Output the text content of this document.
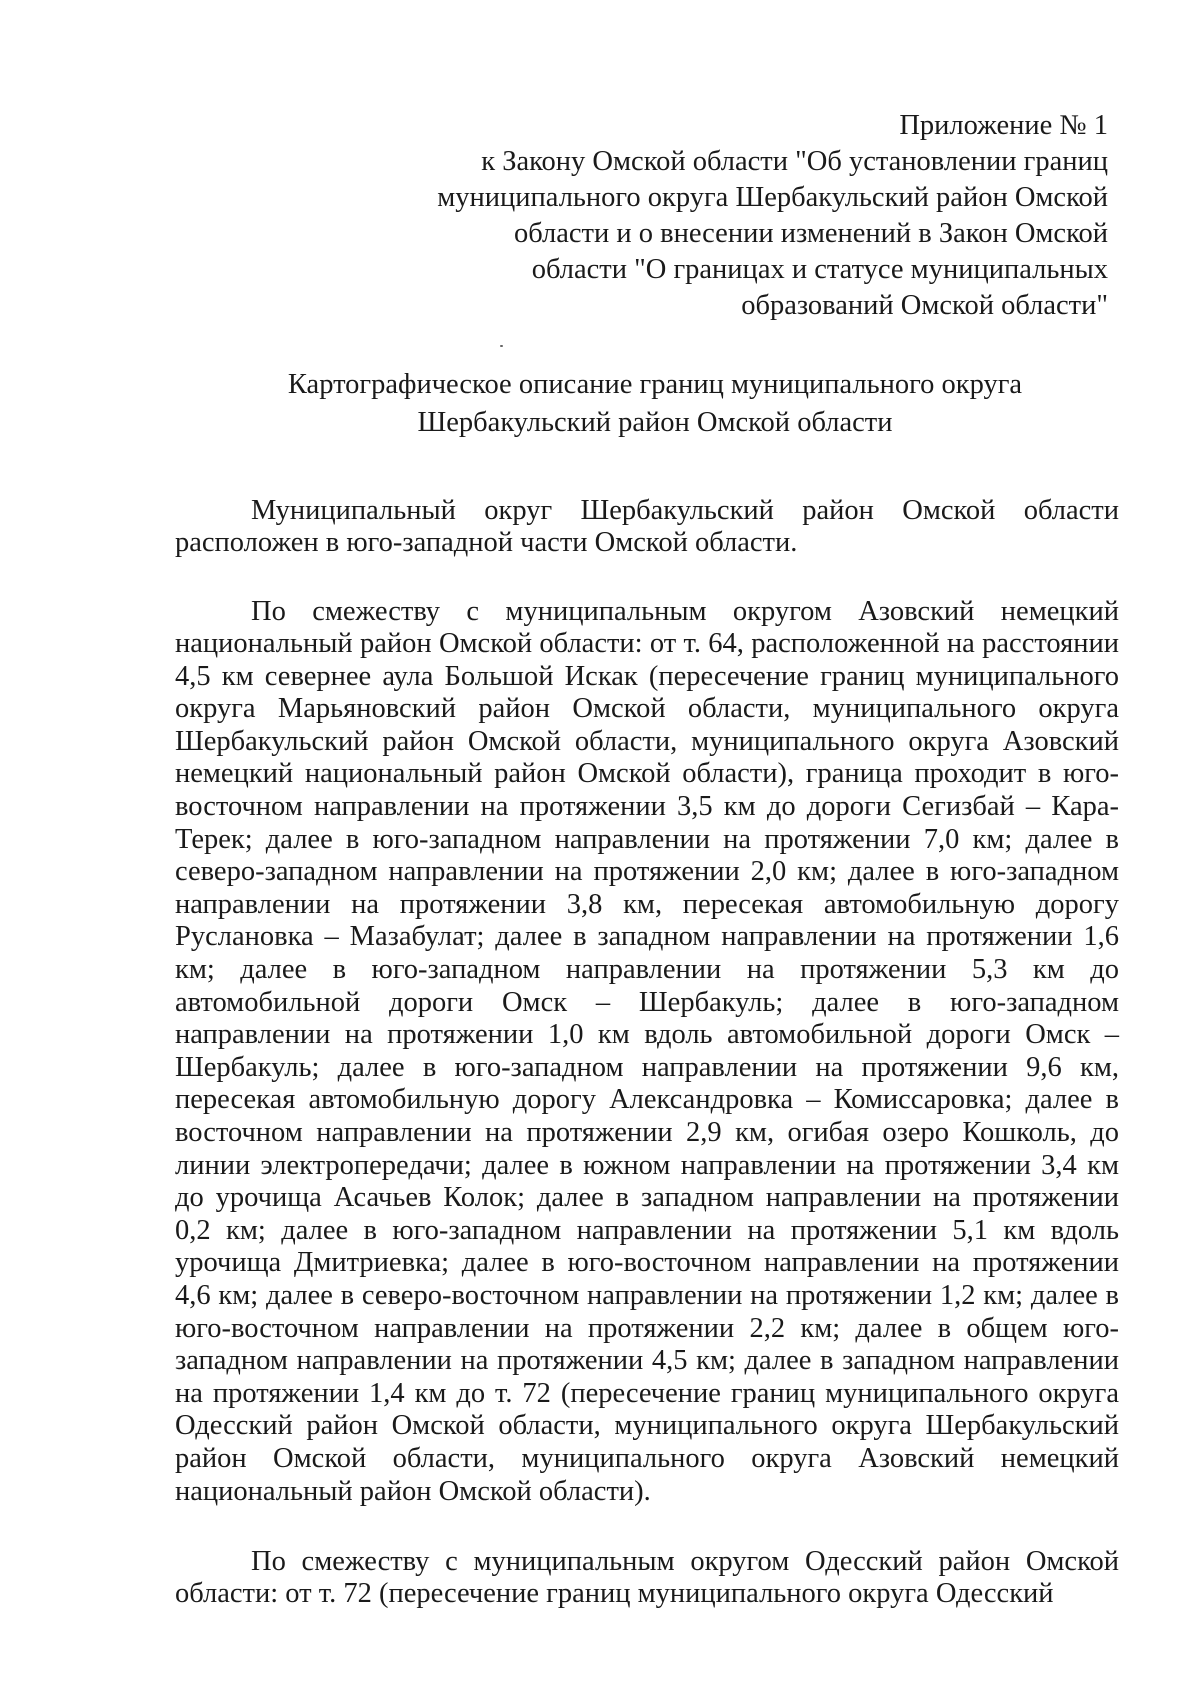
Приложение № 1
к Закону Омской области "Об установлении границ
муниципального округа Шербакульский район Омской
области и о внесении изменений в Закон Омской
области "О границах и статусе муниципальных
образований Омской области"
Картографическое описание границ муниципального округа
Шербакульский район Омской области

Муниципальный округ Шербакульский район Омской области расположен в юго-западной части Омской области.

По смежеству с муниципальным округом Азовский немецкий национальный район Омской области: от т. 64, расположенной на расстоянии 4,5 км севернее аула Большой Искак (пересечение границ муниципального округа Марьяновский район Омской области, муниципального округа Шербакульский район Омской области, муниципального округа Азовский немецкий национальный район Омской области), граница проходит в юго-восточном направлении на протяжении 3,5 км до дороги Сегизбай – Кара-Терек; далее в юго-западном направлении на протяжении 7,0 км; далее в северо-западном направлении на протяжении 2,0 км; далее в юго-западном направлении на протяжении 3,8 км, пересекая автомобильную дорогу Руслановка – Мазабулат; далее в западном направлении на протяжении 1,6 км; далее в юго-западном направлении на протяжении 5,3 км до автомобильной дороги Омск – Шербакуль; далее в юго-западном направлении на протяжении 1,0 км вдоль автомобильной дороги Омск – Шербакуль; далее в юго-западном направлении на протяжении 9,6 км, пересекая автомобильную дорогу Александровка – Комиссаровка; далее в восточном направлении на протяжении 2,9 км, огибая озеро Кошколь, до линии электропередачи; далее в южном направлении на протяжении 3,4 км до урочища Асачьев Колок; далее в западном направлении на протяжении 0,2 км; далее в юго-западном направлении на протяжении 5,1 км вдоль урочища Дмитриевка; далее в юго-восточном направлении на протяжении 4,6 км; далее в северо-восточном направлении на протяжении 1,2 км; далее в юго-восточном направлении на протяжении 2,2 км; далее в общем юго-западном направлении на протяжении 4,5 км; далее в западном направлении на протяжении 1,4 км до т. 72 (пересечение границ муниципального округа Одесский район Омской области, муниципального округа Шербакульский район Омской области, муниципального округа Азовский немецкий национальный район Омской области).

По смежеству с муниципальным округом Одесский район Омской области: от т. 72 (пересечение границ муниципального округа Одесский
